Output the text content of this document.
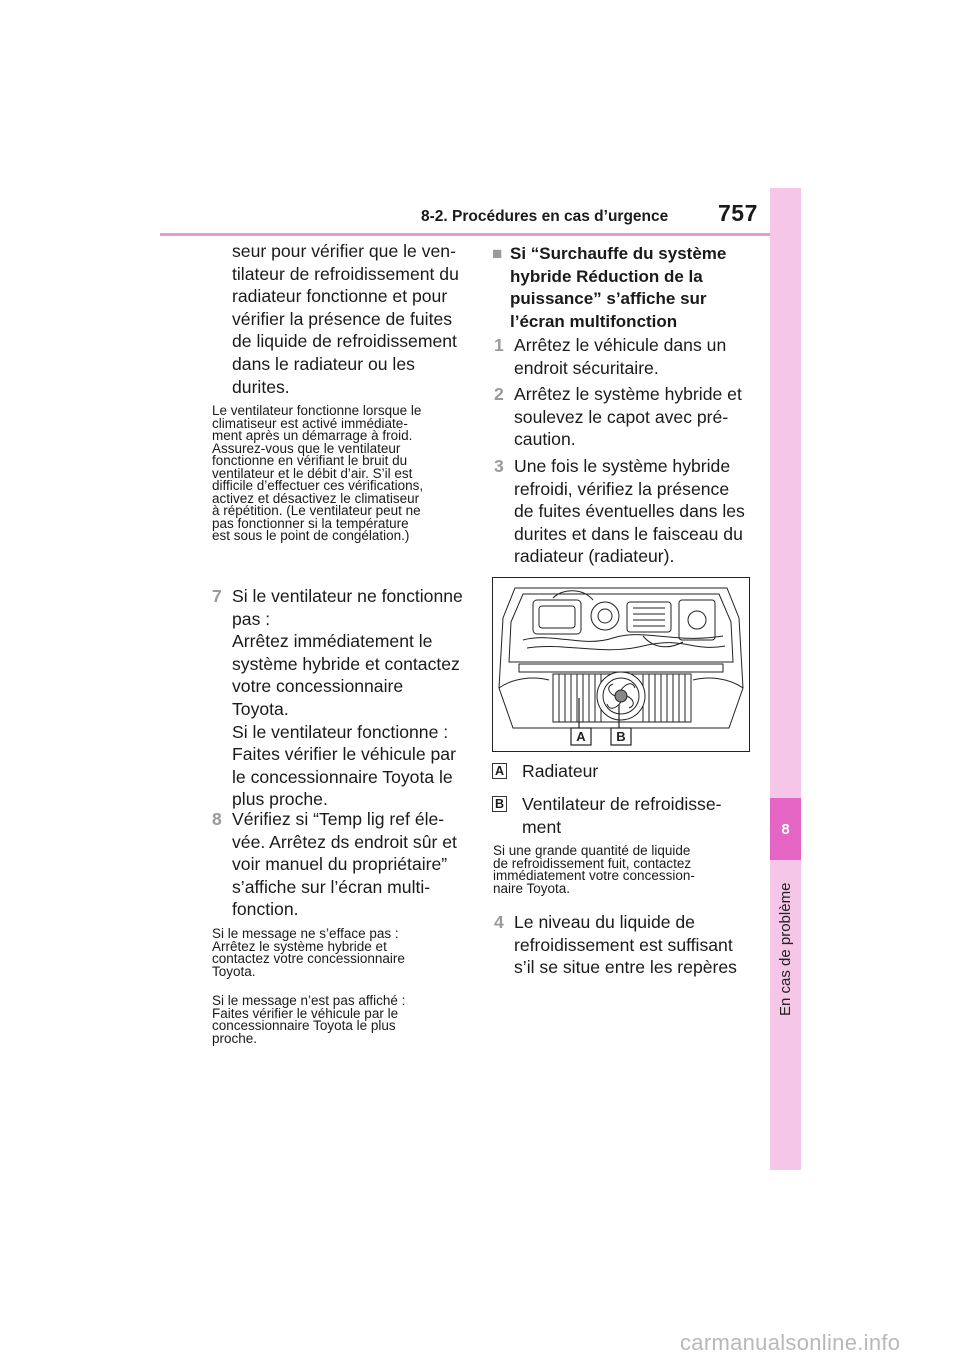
8-2. Procédures en cas d’urgence 757
8
En cas de problème
seur pour vérifier que le ven-
tilateur de refroidissement du
radiateur fonctionne et pour
vérifier la présence de fuites
de liquide de refroidissement
dans le radiateur ou les
durites.
Le ventilateur fonctionne lorsque le
climatiseur est activé immédiate-
ment après un démarrage à froid.
Assurez-vous que le ventilateur
fonctionne en vérifiant le bruit du
ventilateur et le débit d’air. S’il est
difficile d’effectuer ces vérifications,
activez et désactivez le climatiseur
à répétition. (Le ventilateur peut ne
pas fonctionner si la température
est sous le point de congélation.)
7 Si le ventilateur ne fonctionne
pas :
Arrêtez immédiatement le
système hybride et contactez
votre concessionnaire
Toyota.
Si le ventilateur fonctionne :
Faites vérifier le véhicule par
le concessionnaire Toyota le
plus proche.
8 Vérifiez si “Temp lig ref éle-
vée. Arrêtez ds endroit sûr et
voir manuel du propriétaire”
s’affiche sur l’écran multi-
fonction.
Si le message ne s’efface pas :
Arrêtez le système hybride et
contactez votre concessionnaire
Toyota.
Si le message n’est pas affiché :
Faites vérifier le véhicule par le
concessionnaire Toyota le plus
proche.
■ Si “Surchauffe du système
hybride Réduction de la
puissance” s’affiche sur
l’écran multifonction
1 Arrêtez le véhicule dans un
endroit sécuritaire.
2 Arrêtez le système hybride et
soulevez le capot avec pré-
caution.
3 Une fois le système hybride
refroidi, vérifiez la présence
de fuites éventuelles dans les
durites et dans le faisceau du
radiateur (radiateur).
A B
A Radiateur
B Ventilateur de refroidisse-
ment
Si une grande quantité de liquide
de refroidissement fuit, contactez
immédiatement votre concession-
naire Toyota.
4 Le niveau du liquide de
refroidissement est suffisant
s’il se situe entre les repères
carmanualsonline.info
